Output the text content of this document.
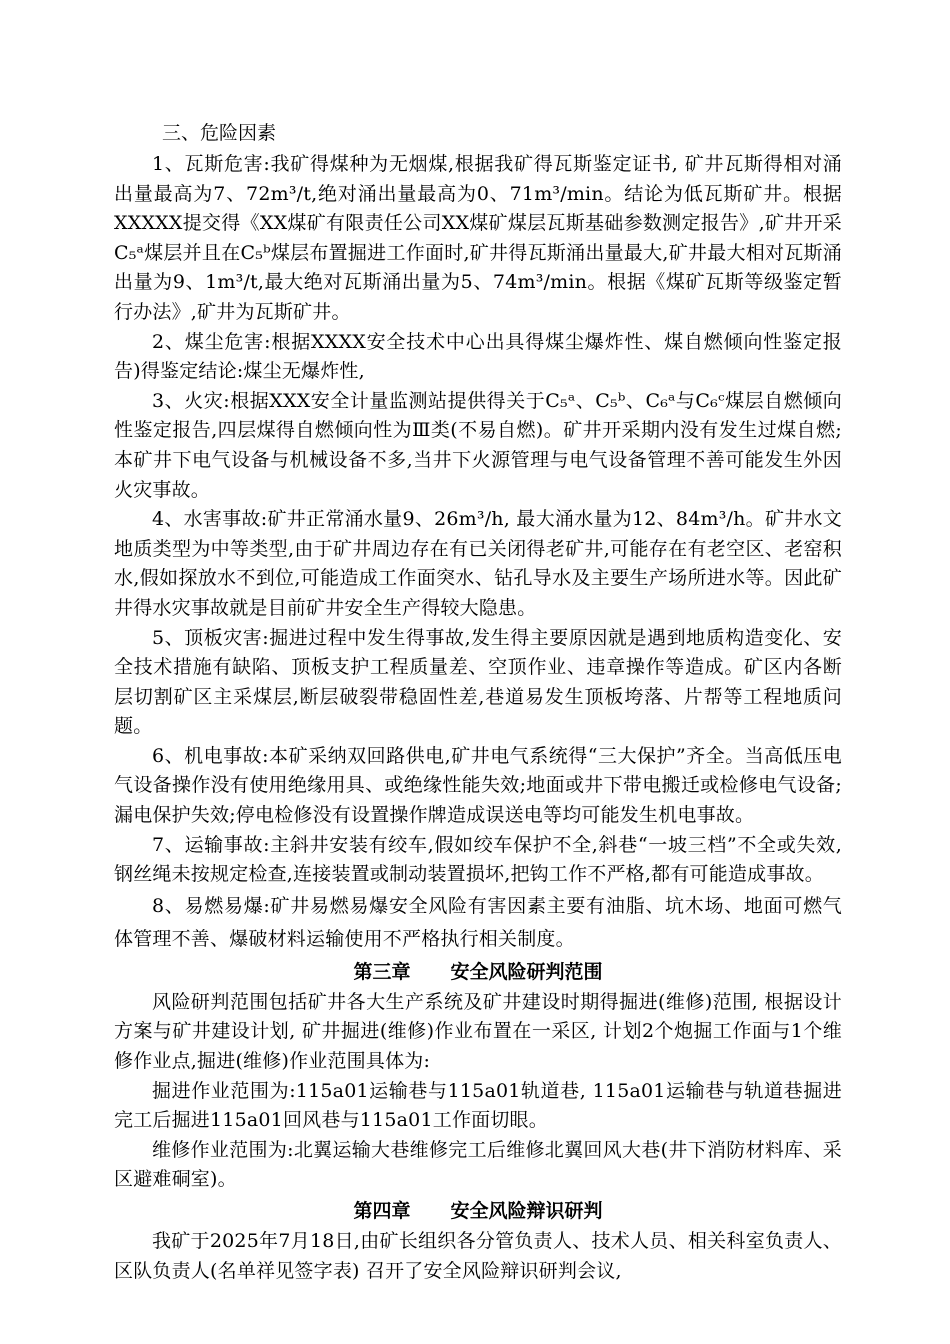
三、危险因素

1、瓦斯危害:我矿得煤种为无烟煤,根据我矿得瓦斯鉴定证书, 矿井瓦斯得相对涌出量最高为7、72m³/t,绝对涌出量最高为0、71m³/min。结论为低瓦斯矿井。根据XXXXX提交得《XX煤矿有限责任公司XX煤矿煤层瓦斯基础参数测定报告》,矿井开采C₅ᵃ煤层并且在C₅ᵇ煤层布置掘进工作面时,矿井得瓦斯涌出量最大,矿井最大相对瓦斯涌出量为9、1m³/t,最大绝对瓦斯涌出量为5、74m³/min。根据《煤矿瓦斯等级鉴定暂行办法》,矿井为瓦斯矿井。

2、煤尘危害:根据XXXX安全技术中心出具得煤尘爆炸性、煤自燃倾向性鉴定报告)得鉴定结论:煤尘无爆炸性,

3、火灾:根据XXX安全计量监测站提供得关于C₅ᵃ、C₅ᵇ、C₆ᵃ与C₆ᶜ煤层自燃倾向性鉴定报告,四层煤得自燃倾向性为Ⅲ类(不易自燃)。矿井开采期内没有发生过煤自燃;本矿井下电气设备与机械设备不多,当井下火源管理与电气设备管理不善可能发生外因火灾事故。

4、水害事故:矿井正常涌水量9、26m³/h, 最大涌水量为12、84m³/h。矿井水文地质类型为中等类型,由于矿井周边存在有已关闭得老矿井,可能存在有老空区、老窑积水,假如探放水不到位,可能造成工作面突水、钻孔导水及主要生产场所进水等。因此矿井得水灾事故就是目前矿井安全生产得较大隐患。

5、顶板灾害:掘进过程中发生得事故,发生得主要原因就是遇到地质构造变化、安全技术措施有缺陷、顶板支护工程质量差、空顶作业、违章操作等造成。矿区内各断层切割矿区主采煤层,断层破裂带稳固性差,巷道易发生顶板垮落、片帮等工程地质问题。

6、机电事故:本矿采纳双回路供电,矿井电气系统得“三大保护”齐全。当高低压电气设备操作没有使用绝缘用具、或绝缘性能失效;地面或井下带电搬迁或检修电气设备;漏电保护失效;停电检修没有设置操作牌造成误送电等均可能发生机电事故。

7、运输事故:主斜井安装有绞车,假如绞车保护不全,斜巷“一坡三档”不全或失效,钢丝绳未按规定检查,连接装置或制动装置损坏,把钩工作不严格,都有可能造成事故。

8、易燃易爆:矿井易燃易爆安全风险有害因素主要有油脂、坑木场、地面可燃气体管理不善、爆破材料运输使用不严格执行相关制度。

第三章 安全风险研判范围

风险研判范围包括矿井各大生产系统及矿井建设时期得掘进(维修)范围, 根据设计方案与矿井建设计划, 矿井掘进(维修)作业布置在一采区, 计划2个炮掘工作面与1个维修作业点,掘进(维修)作业范围具体为:

掘进作业范围为:115a01运输巷与115a01轨道巷, 115a01运输巷与轨道巷掘进完工后掘进115a01回风巷与115a01工作面切眼。

维修作业范围为:北翼运输大巷维修完工后维修北翼回风大巷(井下消防材料库、采区避难硐室)。

第四章 安全风险辩识研判

我矿于2025年7月18日,由矿长组织各分管负责人、技术人员、相关科室负责人、区队负责人(名单祥见签字表) 召开了安全风险辩识研判会议,
